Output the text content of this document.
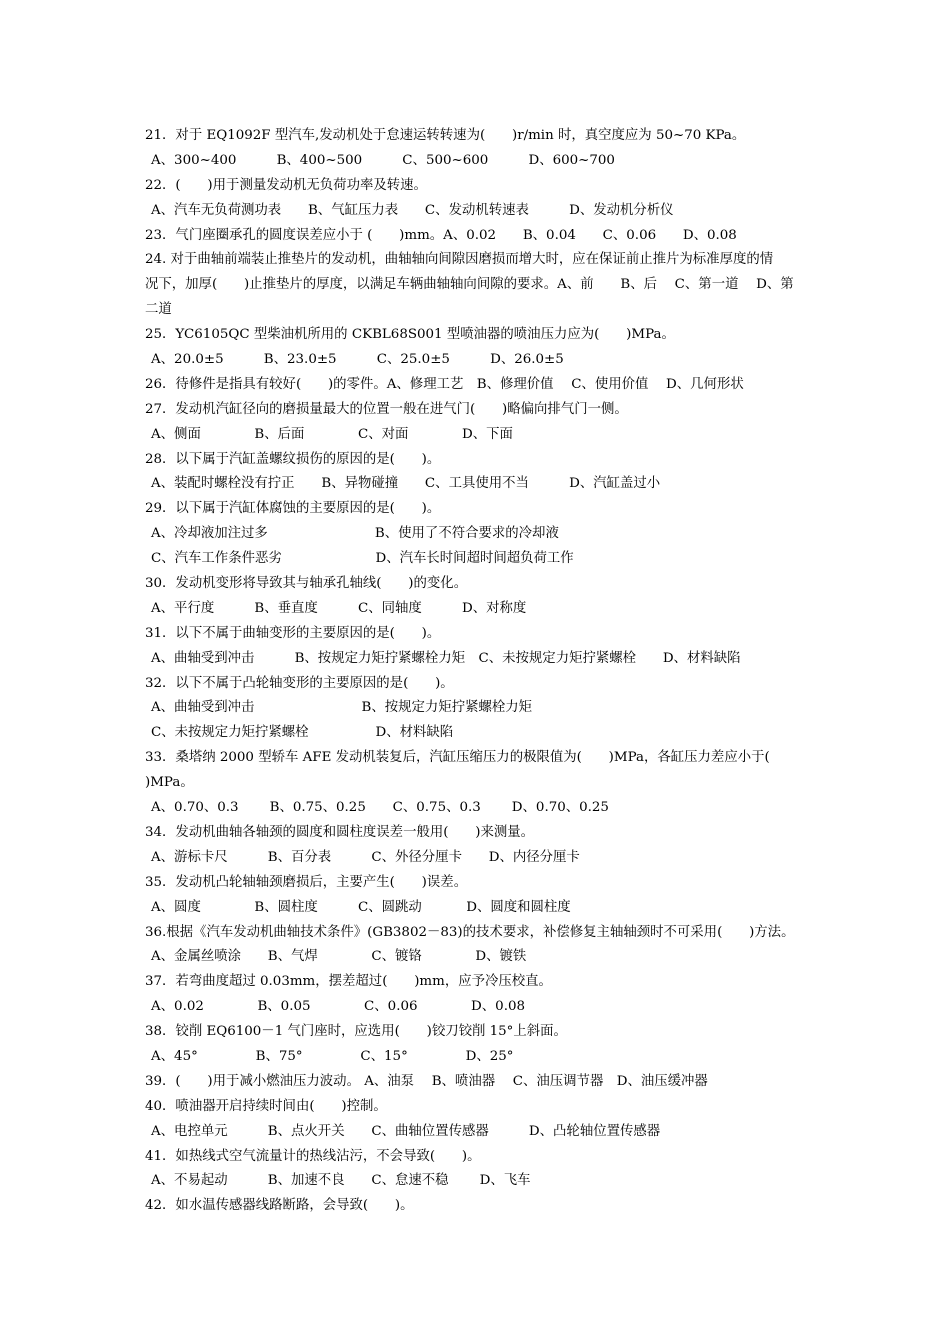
21．对于 EQ1092F 型汽车,发动机处于怠速运转转速为(　　)r/min 时，真空度应为 50~70 KPa。
A、300~400　　　B、400~500　　　C、500~600　　　D、600~700
22．(　　)用于测量发动机无负荷功率及转速。
A、汽车无负荷测功表　　B、气缸压力表　　C、发动机转速表　　　D、发动机分析仪
23．气门座圈承孔的圆度误差应小于 (　　)mm。A、0.02　　B、0.04　　C、0.06　　D、0.08
24. 对于曲轴前端装止推垫片的发动机，曲轴轴向间隙因磨损而增大时，应在保证前止推片为标准厚度的情
况下，加厚(　　)止推垫片的厚度，以满足车辆曲轴轴向间隙的要求。A、前　　B、后　 C、第一道　 D、第
二道
25．YC6105QC 型柴油机所用的 CKBL68S001 型喷油器的喷油压力应为(　　)MPa。
A、20.0±5　　　B、23.0±5　　　C、25.0±5　　　D、26.0±5
26．待修件是指具有较好(　　)的零件。A、修理工艺　B、修理价值　 C、使用价值　 D、几何形状
27．发动机汽缸径向的磨损量最大的位置一般在进气门(　　)略偏向排气门一侧。
A、侧面　　　　B、后面　　　　C、对面　　　　D、下面
28．以下属于汽缸盖螺纹损伤的原因的是(　　)。
A、装配时螺栓没有拧正　　B、异物碰撞　　C、工具使用不当　　　D、汽缸盖过小
29．以下属于汽缸体腐蚀的主要原因的是(　　)。
A、冷却液加注过多　　　　　　　　B、使用了不符合要求的冷却液
C、汽车工作条件恶劣　　　　　　　D、汽车长时间超时间超负荷工作
30．发动机变形将导致其与轴承孔轴线(　　)的变化。
A、平行度　　　B、垂直度　　　C、同轴度　　　D、对称度
31．以下不属于曲轴变形的主要原因的是(　　)。
A、曲轴受到冲击　　　B、按规定力矩拧紧螺栓力矩　C、未按规定力矩拧紧螺栓　　D、材料缺陷
32．以下不属于凸轮轴变形的主要原因的是(　　)。
A、曲轴受到冲击　　　　　　　　B、按规定力矩拧紧螺栓力矩
C、未按规定力矩拧紧螺栓　　　　　D、材料缺陷
33．桑塔纳 2000 型轿车 AFE 发动机装复后，汽缸压缩压力的极限值为(　　)MPa，各缸压力差应小于(
)MPa。
A、0.70、0.3　　 B、0.75、0.25　　C、0.75、0.3　　 D、0.70、0.25
34．发动机曲轴各轴颈的圆度和圆柱度误差一般用(　　)来测量。
A、游标卡尺　　　B、百分表　　　C、外径分厘卡　　D、内径分厘卡
35．发动机凸轮轴轴颈磨损后，主要产生(　　)误差。
A、圆度　　　　B、圆柱度　　　C、圆跳动　　　 D、圆度和圆柱度
36.根据《汽车发动机曲轴技术条件》(GB3802－83)的技术要求，补偿修复主轴轴颈时不可采用(　　)方法。
A、金属丝喷涂　　B、气焊　　　　C、镀铬　　　　D、镀铁
37．若弯曲度超过 0.03mm，摆差超过(　　)mm，应予冷压校直。
A、0.02　　　　B、0.05　　　　C、0.06　　　　D、0.08
38．铰削 EQ6100－1 气门座时，应选用(　　)铰刀铰削 15°上斜面。
A、45°　　　　 B、75°　　　　 C、15°　　　　 D、25°
39．(　　)用于减小燃油压力波动。 A、油泵　 B、喷油器　 C、油压调节器　D、油压缓冲器
40．喷油器开启持续时间由(　　)控制。
A、电控单元　　　B、点火开关　　C、曲轴位置传感器　　　D、凸轮轴位置传感器
41．如热线式空气流量计的热线沾污，不会导致(　　)。
A、不易起动　　　B、加速不良　　C、怠速不稳　　 D、飞车
42．如水温传感器线路断路，会导致(　　)。
